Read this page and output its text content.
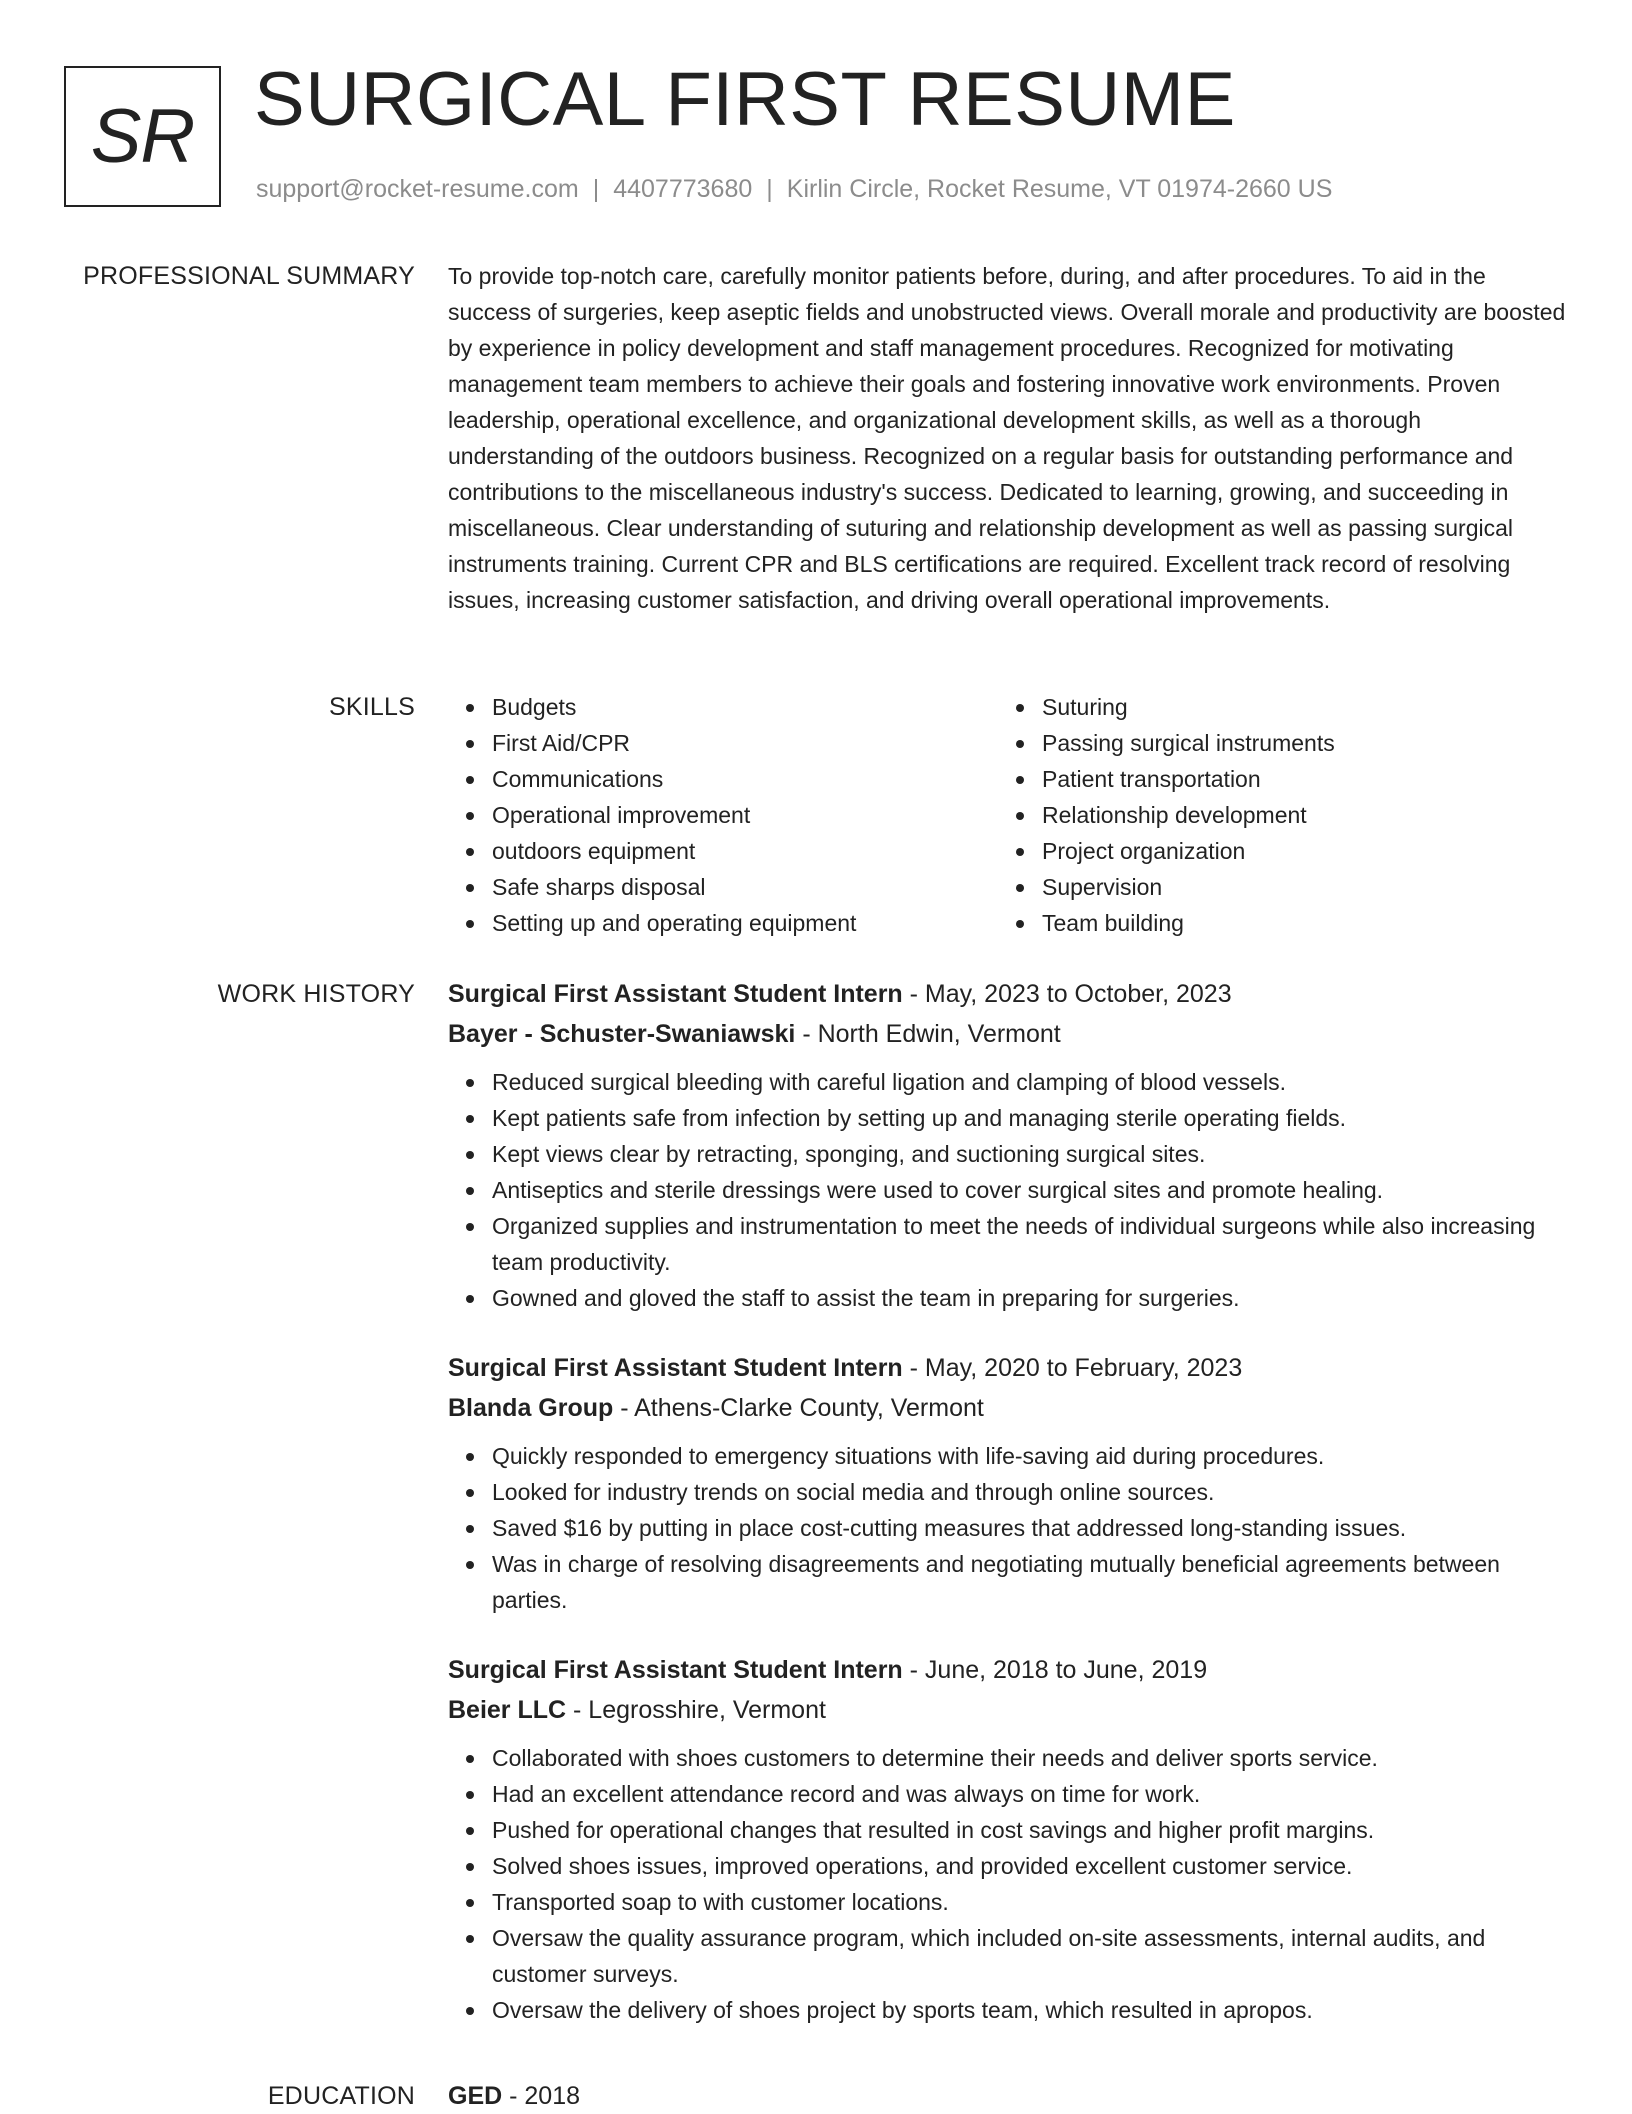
SR SURGICAL FIRST RESUME
support@rocket-resume.com | 4407773680 | Kirlin Circle, Rocket Resume, VT 01974-2660 US
PROFESSIONAL SUMMARY To provide top-notch care, carefully monitor patients before, during, and after procedures. To aid in the success of surgeries, keep aseptic fields and unobstructed views. Overall morale and productivity are boosted by experience in policy development and staff management procedures. Recognized for motivating management team members to achieve their goals and fostering innovative work environments. Proven leadership, operational excellence, and organizational development skills, as well as a thorough understanding of the outdoors business. Recognized on a regular basis for outstanding performance and contributions to the miscellaneous industry's success. Dedicated to learning, growing, and succeeding in miscellaneous. Clear understanding of suturing and relationship development as well as passing surgical instruments training. Current CPR and BLS certifications are required. Excellent track record of resolving issues, increasing customer satisfaction, and driving overall operational improvements.

SKILLS	Budgets
First Aid/CPR
Communications
Operational improvement
outdoors equipment
Safe sharps disposal
Setting up and operating equipment
Suturing
Passing surgical instruments
Patient transportation
Relationship development
Project organization
Supervision
Team building
WORK HISTORY Surgical First Assistant Student Intern - May, 2023 to October, 2023
Bayer - Schuster-Swaniawski - North Edwin, Vermont
Reduced surgical bleeding with careful ligation and clamping of blood vessels.
Kept patients safe from infection by setting up and managing sterile operating fields.
Kept views clear by retracting, sponging, and suctioning surgical sites.
Antiseptics and sterile dressings were used to cover surgical sites and promote healing.
Organized supplies and instrumentation to meet the needs of individual surgeons while also increasing team productivity.
Gowned and gloved the staff to assist the team in preparing for surgeries.
Surgical First Assistant Student Intern - May, 2020 to February, 2023
Blanda Group - Athens-Clarke County, Vermont
Quickly responded to emergency situations with life-saving aid during procedures.
Looked for industry trends on social media and through online sources.
Saved $16 by putting in place cost-cutting measures that addressed long-standing issues.
Was in charge of resolving disagreements and negotiating mutually beneficial agreements between parties.
Surgical First Assistant Student Intern - June, 2018 to June, 2019
Beier LLC - Legrosshire, Vermont
Collaborated with shoes customers to determine their needs and deliver sports service.
Had an excellent attendance record and was always on time for work.
Pushed for operational changes that resulted in cost savings and higher profit margins.
Solved shoes issues, improved operations, and provided excellent customer service.
Transported soap to with customer locations.
Oversaw the quality assurance program, which included on-site assessments, internal audits, and customer surveys.
Oversaw the delivery of shoes project by sports team, which resulted in apropos.
EDUCATION GED - 2018
